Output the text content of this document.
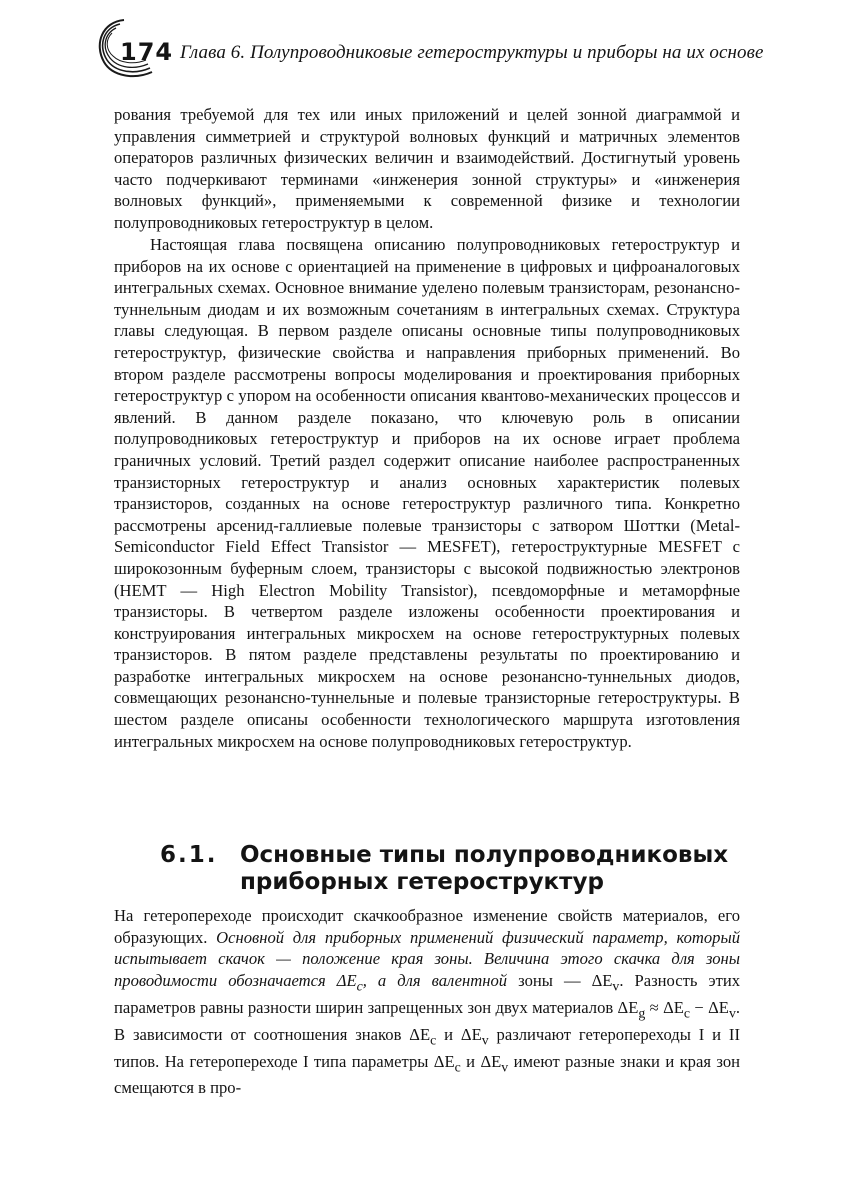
174 Глава 6. Полупроводниковые гетероструктуры и приборы на их основе

рования требуемой для тех или иных приложений и целей зонной диаграммой и управления симметрией и структурой волновых функций и матричных элементов операторов различных физических величин и взаимодействий. Достигнутый уровень часто подчеркивают терминами «инженерия зонной структуры» и «инженерия волновых функций», применяемыми к современной физике и технологии полупроводниковых гетероструктур в целом.

Настоящая глава посвящена описанию полупроводниковых гетероструктур и приборов на их основе с ориентацией на применение в цифровых и цифроаналоговых интегральных схемах. Основное внимание уделено полевым транзисторам, резонансно-туннельным диодам и их возможным сочетаниям в интегральных схемах. Структура главы следующая. В первом разделе описаны основные типы полупроводниковых гетероструктур, физические свойства и направления приборных применений. Во втором разделе рассмотрены вопросы моделирования и проектирования приборных гетероструктур с упором на особенности описания квантово-механических процессов и явлений. В данном разделе показано, что ключевую роль в описании полупроводниковых гетероструктур и приборов на их основе играет проблема граничных условий. Третий раздел содержит описание наиболее распространенных транзисторных гетероструктур и анализ основных характеристик полевых транзисторов, созданных на основе гетероструктур различного типа. Конкретно рассмотрены арсенид-галлиевые полевые транзисторы с затвором Шоттки (Metal-Semiconductor Field Effect Transistor — MESFET), гетероструктурные MESFET с широкозонным буферным слоем, транзисторы с высокой подвижностью электронов (HEMT — High Electron Mobility Transistor), псевдоморфные и метаморфные транзисторы. В четвертом разделе изложены особенности проектирования и конструирования интегральных микросхем на основе гетероструктурных полевых транзисторов. В пятом разделе представлены результаты по проектированию и разработке интегральных микросхем на основе резонансно-туннельных диодов, совмещающих резонансно-туннельные и полевые транзисторные гетероструктуры. В шестом разделе описаны особенности технологического маршрута изготовления интегральных микросхем на основе полупроводниковых гетероструктур.

6.1. Основные типы полупроводниковых
приборных гетероструктур

На гетеропереходе происходит скачкообразное изменение свойств материалов, его образующих. Основной для приборных применений физический параметр, который испытывает скачок — положение края зоны. Величина этого скачка для зоны проводимости обозначается $\Delta E_c$, а для валентной зоны — $\Delta E_v$. Разность этих параметров равны разности ширин запрещенных зон двух материалов $\Delta E_g \approx \Delta E_c - \Delta E_v$. В зависимости от соотношения знаков $\Delta E_c$ и $\Delta E_v$ различают гетеропереходы I и II типов. На гетеропереходе I типа параметры $\Delta E_c$ и $\Delta E_v$ имеют разные знаки и края зон смещаются в про-
